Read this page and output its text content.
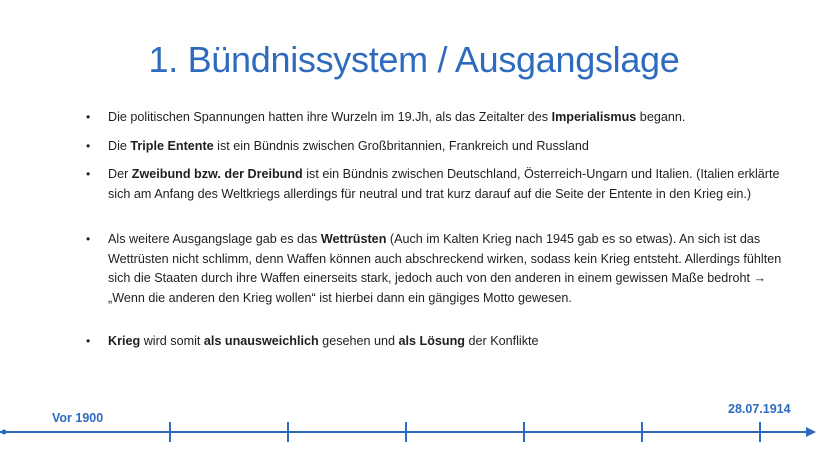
1. Bündnissystem / Ausgangslage
• Die politischen Spannungen hatten ihre Wurzeln im 19.Jh, als das Zeitalter des Imperialismus begann.
• Die Triple Entente ist ein Bündnis zwischen Großbritannien, Frankreich und Russland
• Der Zweibund bzw. der Dreibund ist ein Bündnis zwischen Deutschland, Österreich-Ungarn und Italien. (Italien erklärte sich am Anfang des Weltkriegs allerdings für neutral und trat kurz darauf auf die Seite der Entente in den Krieg ein.)
• Als weitere Ausgangslage gab es das Wettrüsten (Auch im Kalten Krieg nach 1945 gab es so etwas). An sich ist das Wettrüsten nicht schlimm, denn Waffen können auch abschreckend wirken, sodass kein Krieg entsteht. Allerdings fühlten sich die Staaten durch ihre Waffen einerseits stark, jedoch auch von den anderen in einem gewissen Maße bedroht → „Wenn die anderen den Krieg wollen“ ist hierbei dann ein gängiges Motto gewesen.
• Krieg wird somit als unausweichlich gesehen und als Lösung der Konflikte
Vor 1900
28.07.1914
